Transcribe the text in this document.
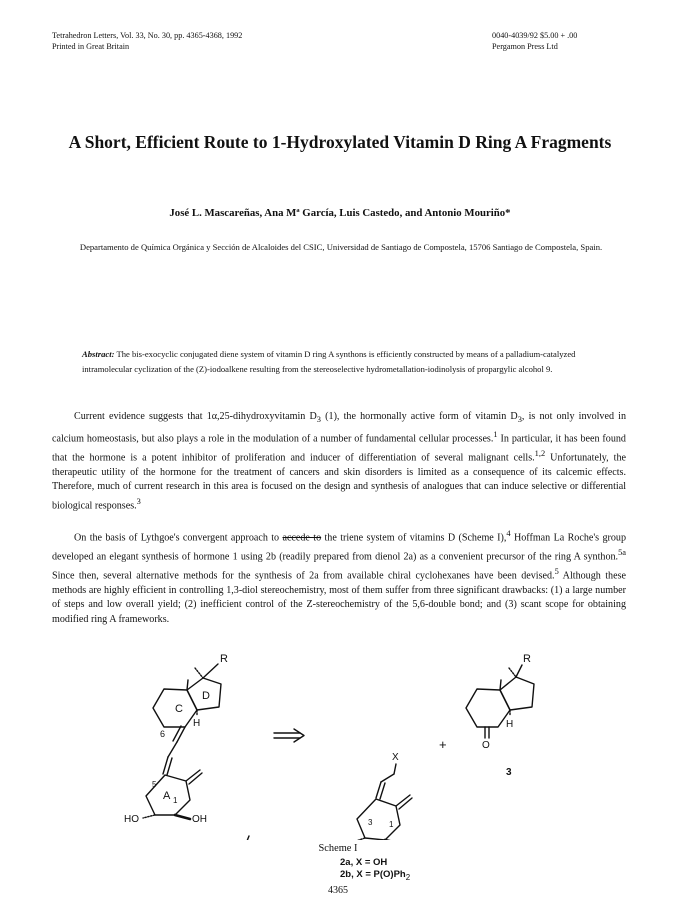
Tetrahedron Letters, Vol. 33, No. 30, pp. 4365-4368, 1992
Printed in Great Britain
0040-4039/92 $5.00 + .00
Pergamon Press Ltd
A Short, Efficient Route to 1-Hydroxylated Vitamin D Ring A Fragments
José L. Mascareñas, Ana Mª García, Luis Castedo, and Antonio Mouriño*
Departamento de Química Orgánica y Sección de Alcaloides del CSIC, Universidad de Santiago de Compostela, 15706 Santiago de Compostela, Spain.
Abstract: The bis-exocyclic conjugated diene system of vitamin D ring A synthons is efficiently constructed by means of a palladium-catalyzed intramolecular cyclization of the (Z)-iodoalkene resulting from the stereoselective hydrometallation-iodinolysis of propargylic alcohol 9.

Current evidence suggests that 1α,25-dihydroxyvitamin $D_3$ (1), the hormonally active form of vitamin $D_3$, is not only involved in calcium homeostasis, but also plays a role in the modulation of a number of fundamental cellular processes.$^1$ In particular, it has been found that the hormone is a potent inhibitor of proliferation and inducer of differentiation of several malignant cells.$^{1,2}$ Unfortunately, the therapeutic utility of the hormone for the treatment of cancers and skin disorders is limited as a consequence of its calcemic effects. Therefore, much of current research in this area is focused on the design and synthesis of analogues that can induce selective or differential biological responses.$^3$

On the basis of Lythgoe's convergent approach to accede to the triene system of vitamins D (Scheme I),$^4$ Hoffman La Roche's group developed an elegant synthesis of hormone 1 using 2b (readily prepared from dienol 2a) as a convenient precursor of the ring A synthon.$^{5a}$ Since then, several alternative methods for the synthesis of 2a from available chiral cyclohexanes have been devised.$^5$ Although these methods are highly efficient in controlling 1,3-diol stereochemistry, most of them suffer from three significant drawbacks: (1) a large number of steps and low overall yield; (2) inefficient control of the Z-stereochemistry of the 5,6-double bond; and (3) scant scope for obtaining modified ring A frameworks.

R
C
D
H
6
A
5
1
HO	OH
X
3 1
+
R
H
O
3
2a, X = OH
2b, $X = P(O)Ph_2$
Scheme I
4365
